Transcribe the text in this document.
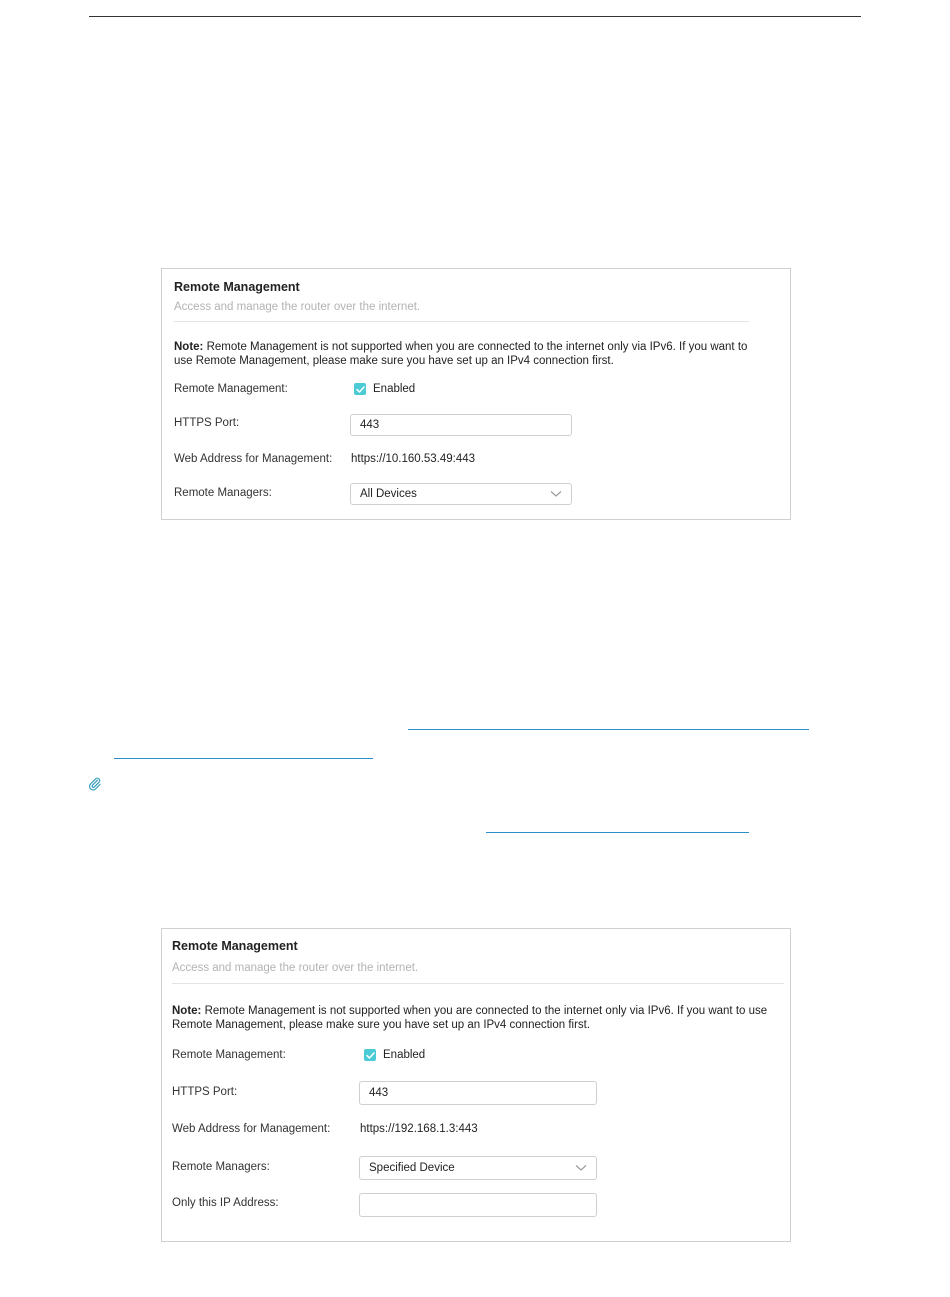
Remote Management
Access and manage the router over the internet.
Note: Remote Management is not supported when you are connected to the internet only via IPv6. If you want to use Remote Management, please make sure you have set up an IPv4 connection first.
Remote Management:	Enabled
HTTPS Port:	443
Web Address for Management: https://10.160.53.49:443
Remote Managers:	All Devices
Remote Management
Access and manage the router over the internet.
Note: Remote Management is not supported when you are connected to the internet only via IPv6. If you want to use Remote Management, please make sure you have set up an IPv4 connection first.
Remote Management:	Enabled
HTTPS Port:	443
Web Address for Management:	https://192.168.1.3:443
Remote Managers:	Specified Device
Only this IP Address:
